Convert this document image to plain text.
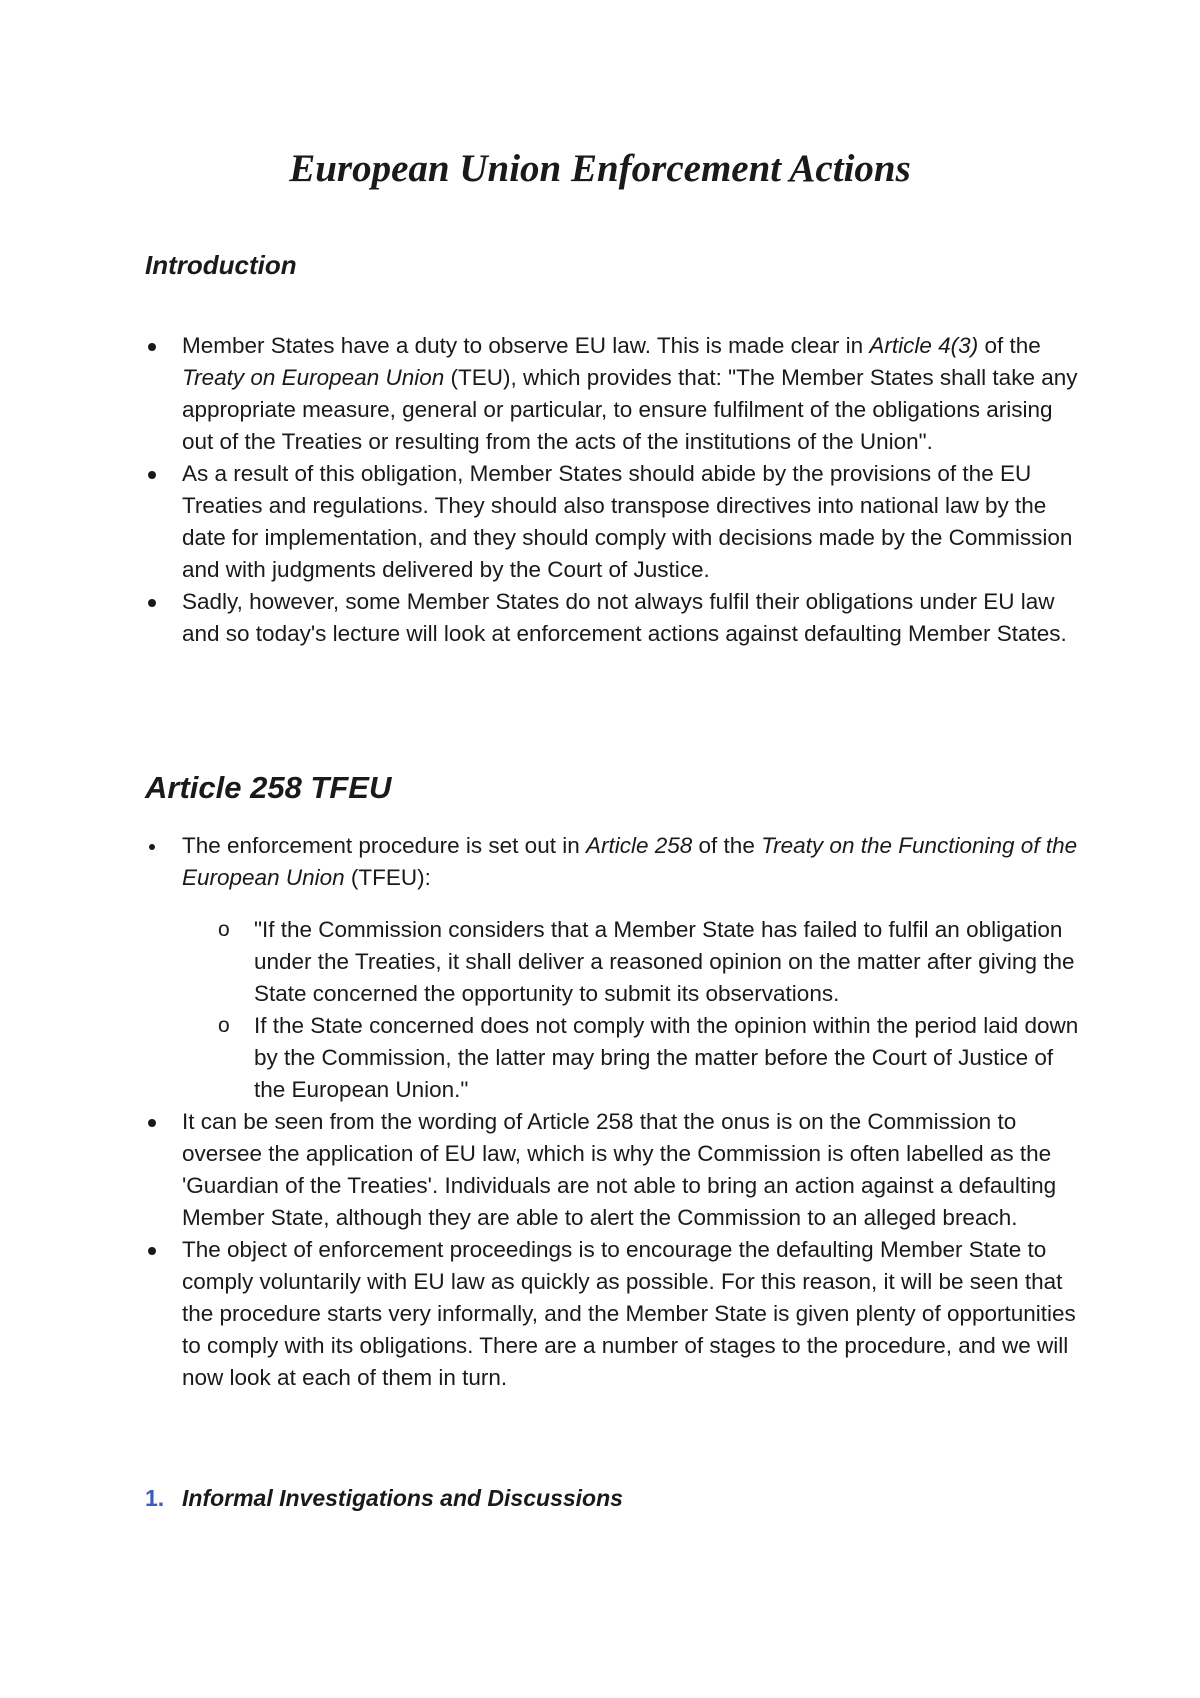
European Union Enforcement Actions
Introduction
Member States have a duty to observe EU law. This is made clear in Article 4(3) of the Treaty on European Union (TEU), which provides that: "The Member States shall take any appropriate measure, general or particular, to ensure fulfilment of the obligations arising out of the Treaties or resulting from the acts of the institutions of the Union".
As a result of this obligation, Member States should abide by the provisions of the EU Treaties and regulations. They should also transpose directives into national law by the date for implementation, and they should comply with decisions made by the Commission and with judgments delivered by the Court of Justice.
Sadly, however, some Member States do not always fulfil their obligations under EU law and so today's lecture will look at enforcement actions against defaulting Member States.
Article 258 TFEU
The enforcement procedure is set out in Article 258 of the Treaty on the Functioning of the European Union (TFEU):
o "If the Commission considers that a Member State has failed to fulfil an obligation under the Treaties, it shall deliver a reasoned opinion on the matter after giving the State concerned the opportunity to submit its observations.
o If the State concerned does not comply with the opinion within the period laid down by the Commission, the latter may bring the matter before the Court of Justice of the European Union."
It can be seen from the wording of Article 258 that the onus is on the Commission to oversee the application of EU law, which is why the Commission is often labelled as the 'Guardian of the Treaties'. Individuals are not able to bring an action against a defaulting Member State, although they are able to alert the Commission to an alleged breach.
The object of enforcement proceedings is to encourage the defaulting Member State to comply voluntarily with EU law as quickly as possible. For this reason, it will be seen that the procedure starts very informally, and the Member State is given plenty of opportunities to comply with its obligations. There are a number of stages to the procedure, and we will now look at each of them in turn.

1. Informal Investigations and Discussions
